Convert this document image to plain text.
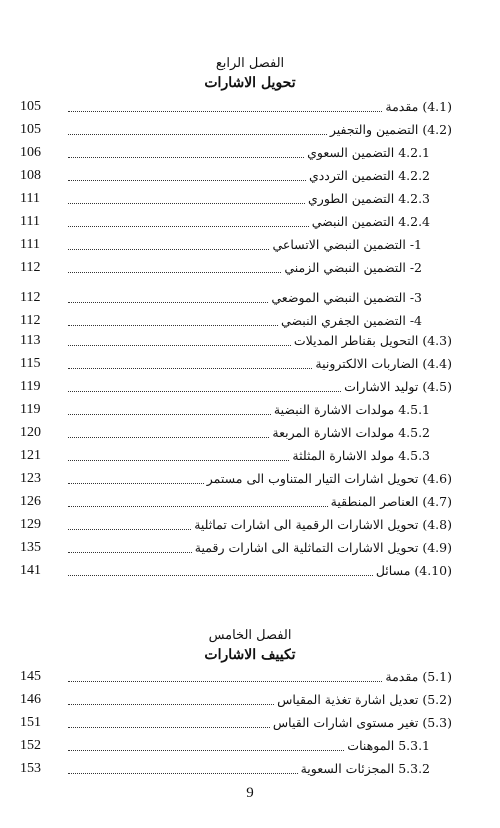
الفصل الرابع
تحويل الاشارات
105	(4.1) مقدمة
105	(4.2) التضمين والتجفير
106	4.2.1 التضمين السعوي
108	4.2.2 التضمين الترددي
111	4.2.3 التضمين الطوري
111	4.2.4 التضمين النبضي
111	1- التضمين النبضي الاتساعي
112	2- التضمين النبضي الزمني
112	3- التضمين النبضي الموضعي
112	4- التضمين الجفري النبضي
113	(4.3) التحويل بقناطر المديلات
115	(4.4) الضاربات الالكترونية
119	(4.5) توليد الاشارات
119	4.5.1 مولدات الاشارة النبضية
120	4.5.2 مولدات الاشارة المربعة
121	4.5.3 مولد الاشارة المثلثة
123	(4.6) تحويل اشارات التيار المتناوب الى مستمر
126	(4.7) العناصر المنطقية
129	(4.8) تحويل الاشارات الرقمية الى اشارات تماثلية
135	(4.9) تحويل الاشارات التماثلية الى اشارات رقمية
141	(4.10) مسائل
الفصل الخامس
تكييف الاشارات
145	(5.1) مقدمة
146	(5.2) تعديل اشارة تغذية المقياس
151	(5.3) تغير مستوى اشارات القياس
152	5.3.1 الموهنات
153	5.3.2 المجزئات السعوية
9
